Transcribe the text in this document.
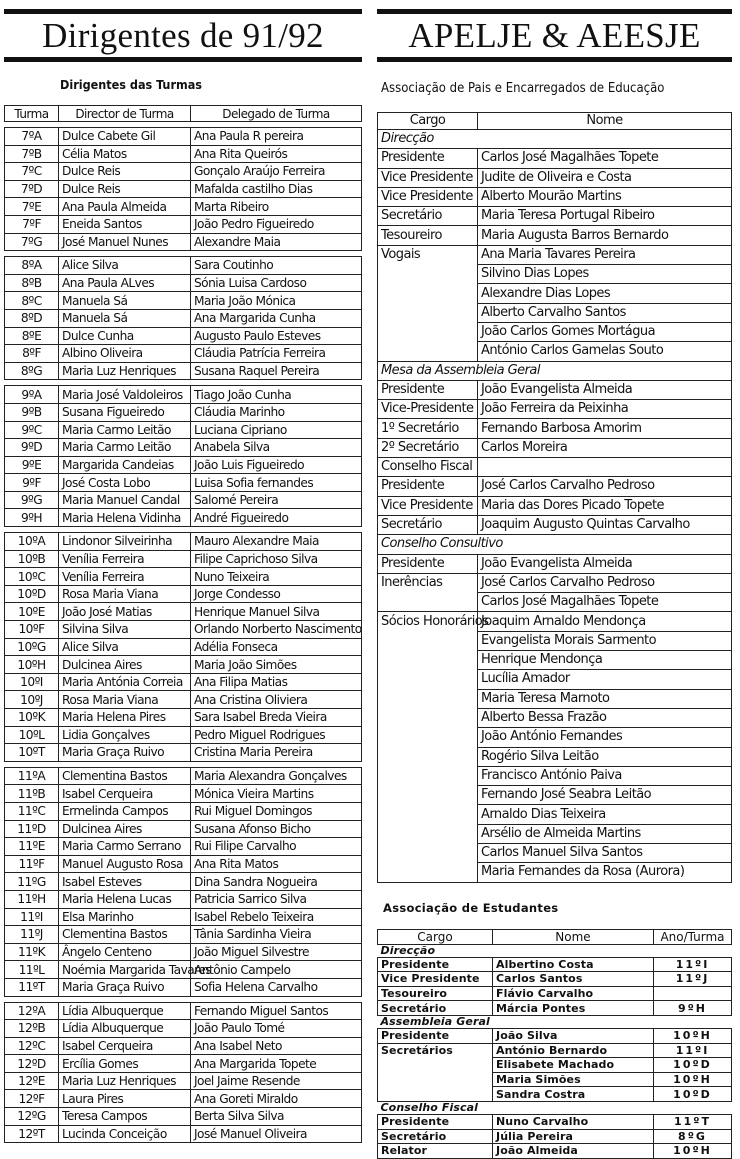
Dirigentes de 91/92
Dirigentes das Turmas
Turma	Director de Turma	Delegado de Turma
7ºA	Dulce Cabete Gil	Ana Paula R pereira
7ºB	Célia Matos	Ana Rita Queirós
7ºC	Dulce Reis	Gonçalo Araújo Ferreira
7ºD	Dulce Reis	Mafalda castilho Dias
7ºE	Ana Paula Almeida	Marta Ribeiro
7ºF	Eneida Santos	João Pedro Figueiredo
7ºG	José Manuel Nunes	Alexandre Maia
8ºA	Alice Silva	Sara Coutinho
8ºB	Ana Paula ALves	Sónia Luisa Cardoso
8ºC	Manuela Sá	Maria João Mónica
8ºD	Manuela Sá	Ana Margarida Cunha
8ºE	Dulce Cunha	Augusto Paulo Esteves
8ºF	Albino Oliveira	Cláudia Patrícia Ferreira
8ºG	Maria Luz Henriques	Susana Raquel Pereira
9ºA	Maria José Valdoleiros	Tiago João Cunha
9ºB	Susana Figueiredo	Cláudia Marinho
9ºC	Maria Carmo Leitão	Luciana Cipriano
9ºD	Maria Carmo Leitão	Anabela Silva
9ºE	Margarida Candeias	João Luis Figueiredo
9ºF	José Costa Lobo	Luisa Sofia fernandes
9ºG	Maria Manuel Candal	Salomé Pereira
9ºH	Maria Helena Vidinha	André Figueiredo
10ºA	Lindonor Silveirinha	Mauro Alexandre Maia
10ºB	Venília Ferreira	Filipe Caprichoso Silva
10ºC	Venília Ferreira	Nuno Teixeira
10ºD	Rosa Maria Viana	Jorge Condesso
10ºE	João José Matias	Henrique Manuel Silva
10ºF	Silvina Silva	Orlando Norberto Nascimento
10ºG	Alice Silva	Adélia Fonseca
10ºH	Dulcinea Aires	Maria João Simões
10ºI	Maria Antónia Correia	Ana Filipa Matias
10ºJ	Rosa Maria Viana	Ana Cristina Oliviera
10ºK	Maria Helena Pires	Sara Isabel Breda Vieira
10ºL	Lidia Gonçalves	Pedro Miguel Rodrigues
10ºT	Maria Graça Ruivo	Cristina Maria Pereira
11ºA	Clementina Bastos	Maria Alexandra Gonçalves
11ºB	Isabel Cerqueira	Mónica Vieira Martins
11ºC	Ermelinda Campos	Rui Miguel Domingos
11ºD	Dulcinea Aires	Susana Afonso Bicho
11ºE	Maria Carmo Serrano	Rui Filipe Carvalho
11ºF	Manuel Augusto Rosa	Ana Rita Matos
11ºG	Isabel Esteves	Dina Sandra Nogueira
11ºH	Maria Helena Lucas	Patricia Sarrico Silva
11ºI	Elsa Marinho	Isabel Rebelo Teixeira
11ºJ	Clementina Bastos	Tânia Sardinha Vieira
11ºK	Ângelo Centeno	João Miguel Silvestre
11ºL	Noémia Margarida Tavares	Antônio Campelo
11ºT	Maria Graça Ruivo	Sofia Helena Carvalho
12ºA	Lídia Albuquerque	Fernando Miguel Santos
12ºB	Lídia Albuquerque	João Paulo Tomé
12ºC	Isabel Cerqueira	Ana Isabel Neto
12ºD	Ercília Gomes	Ana Margarida Topete
12ºE	Maria Luz Henriques	Joel Jaime Resende
12ºF	Laura Pires	Ana Goreti Miraldo
12ºG	Teresa Campos	Berta Silva Silva
12ºT	Lucinda Conceição	José Manuel Oliveira
APELJE & AEESJE
Associação de Pais e Encarregados de Educação
Cargo	Nome
Direcção	
Presidente	Carlos José Magalhães Topete
Vice Presidente	Judite de Oliveira e Costa
Vice Presidente	Alberto Mourão Martins
Secretário	Maria Teresa Portugal Ribeiro
Tesoureiro	Maria Augusta Barros Bernardo
Vogais	Ana Maria Tavares Pereira
	Silvino Dias Lopes
	Alexandre Dias Lopes
	Alberto Carvalho Santos
	João Carlos Gomes Mortágua
	António Carlos Gamelas Souto
Mesa da Assembleia Geral	
Presidente	João Evangelista Almeida
Vice-Presidente	João Ferreira da Peixinha
1º Secretário	Fernando Barbosa Amorim
2º Secretário	Carlos Moreira
Conselho Fiscal	
Presidente	José Carlos Carvalho Pedroso
Vice Presidente	Maria das Dores Picado Topete
Secretário	Joaquim Augusto Quintas Carvalho
Conselho Consultivo	
Presidente	João Evangelista Almeida
Inerências	José Carlos Carvalho Pedroso
	Carlos José Magalhães Topete
Sócios Honorários	Joaquim Arnaldo Mendonça
	Evangelista Morais Sarmento
	Henrique Mendonça
	Lucília Amador
	Maria Teresa Marnoto
	Alberto Bessa Frazão
	João António Fernandes
	Rogério Silva Leitão
	Francisco António Paiva
	Fernando José Seabra Leitão
	Arnaldo Dias Teixeira
	Arsélio de Almeida Martins
	Carlos Manuel Silva Santos
	Maria Fernandes da Rosa (Aurora)
Associação de Estudantes
Cargo	Nome	Ano/Turma
Direcção		
Presidente	Albertino Costa	11ºI
Vice Presidente	Carlos Santos	11ºJ
Tesoureiro	Flávio Carvalho	
Secretário	Márcia Pontes	9ºH
Assembleia Geral		
Presidente	João Silva	10ºH
Secretários	António Bernardo	11ºI
	Elisabete Machado	10ºD
	Maria Simões	10ºH
	Sandra Costra	10ºD
Conselho Fiscal		
Presidente	Nuno Carvalho	11ºT
Secretário	Júlia Pereira	8ºG
Relator	João Almeida	10ºH
